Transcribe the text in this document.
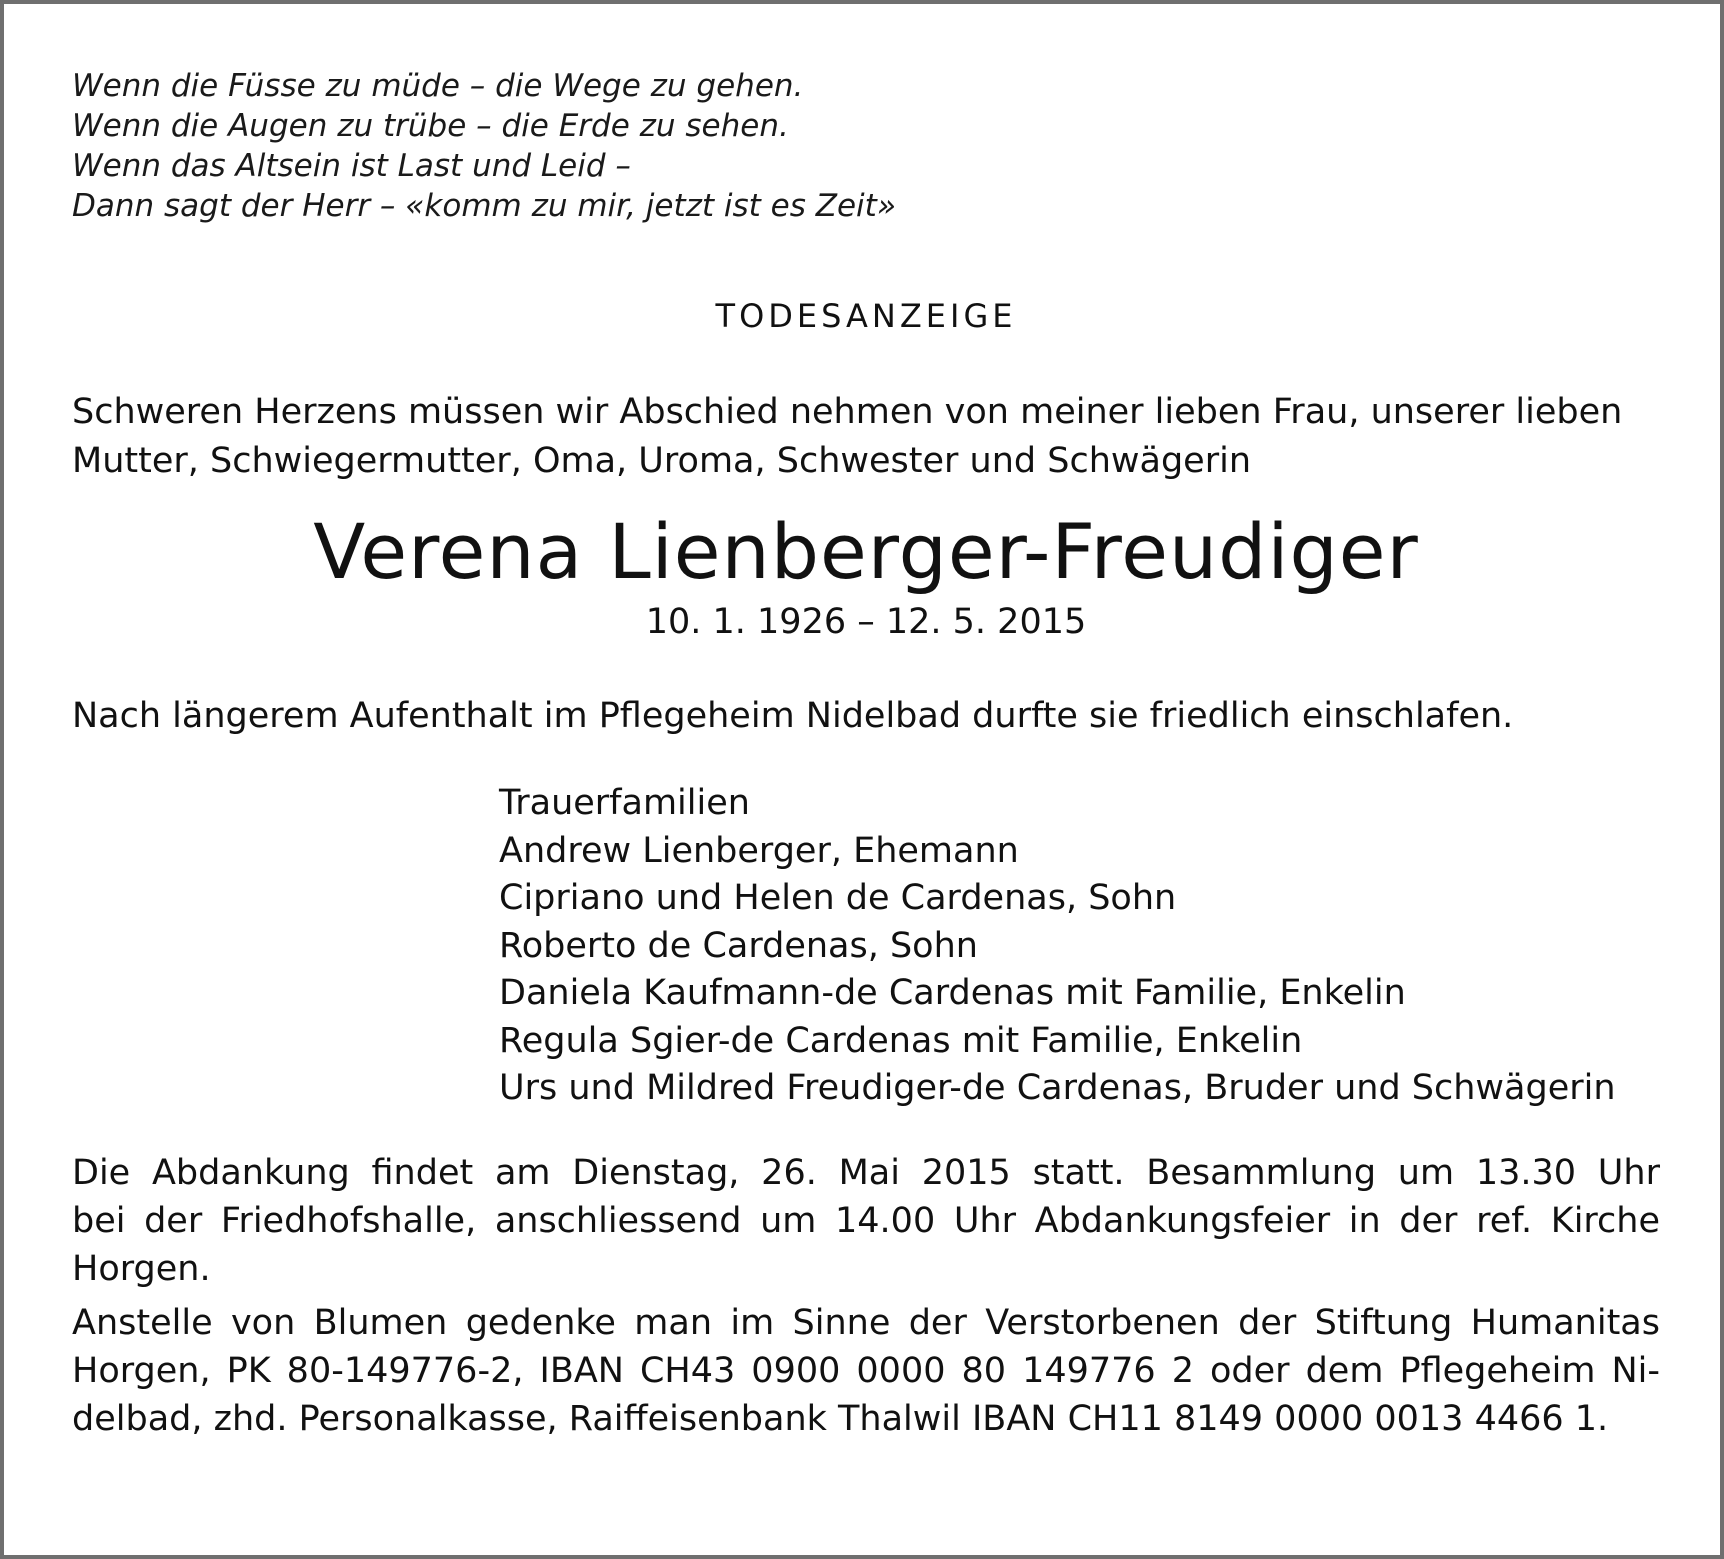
Wenn die Füsse zu müde – die Wege zu gehen.
Wenn die Augen zu trübe – die Erde zu sehen.
Wenn das Altsein ist Last und Leid –
Dann sagt der Herr – «komm zu mir, jetzt ist es Zeit»
TODESANZEIGE
Schweren Herzens müssen wir Abschied nehmen von meiner lieben Frau, unserer lieben
Mutter, Schwiegermutter, Oma, Uroma, Schwester und Schwägerin
Verena Lienberger-Freudiger
10. 1. 1926 – 12. 5. 2015
Nach längerem Aufenthalt im Pflegeheim Nidelbad durfte sie friedlich einschlafen.
Trauerfamilien
Andrew Lienberger, Ehemann
Cipriano und Helen de Cardenas, Sohn
Roberto de Cardenas, Sohn
Daniela Kaufmann-de Cardenas mit Familie, Enkelin
Regula Sgier-de Cardenas mit Familie, Enkelin
Urs und Mildred Freudiger-de Cardenas, Bruder und Schwägerin
Die Abdankung findet am Dienstag, 26. Mai 2015 statt. Besammlung um 13.30 Uhr
bei der Friedhofshalle, anschliessend um 14.00 Uhr Abdankungsfeier in der ref. Kirche
Horgen.
Anstelle von Blumen gedenke man im Sinne der Verstorbenen der Stiftung Humanitas
Horgen, PK 80-149776-2, IBAN CH43 0900 0000 80 149776 2 oder dem Pflegeheim Ni-
delbad, zhd. Personalkasse, Raiffeisenbank Thalwil IBAN CH11 8149 0000 0013 4466 1.
